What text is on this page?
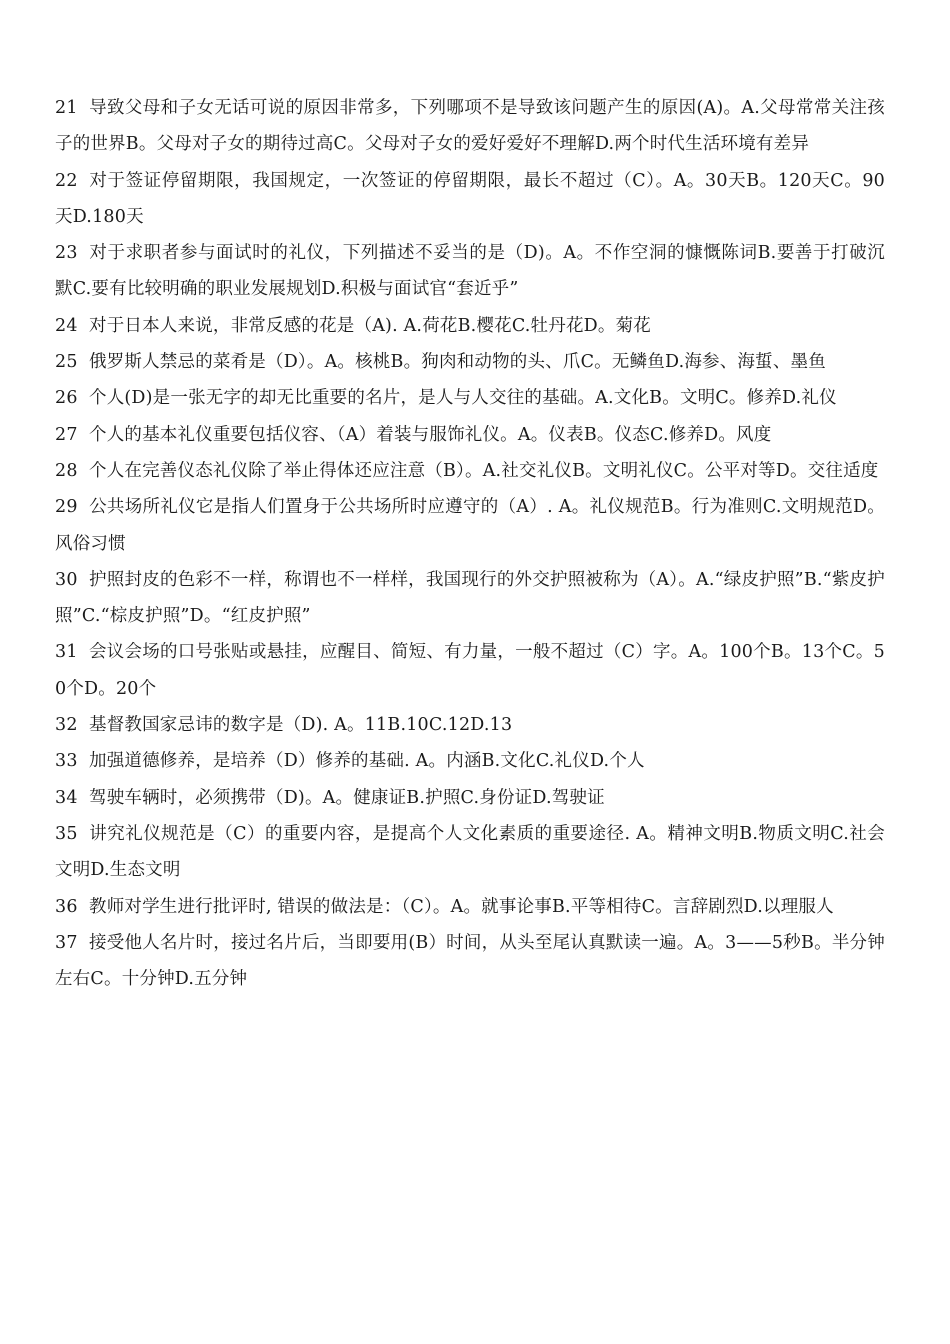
21 导致父母和子女无话可说的原因非常多，下列哪项不是导致该问题产生的原因(A)。A.父母常常关注孩子的世界B。父母对子女的期待过高C。父母对子女的爱好爱好不理解D.两个时代生活环境有差异

22 对于签证停留期限，我国规定，一次签证的停留期限，最长不超过（C）。A。30天B。120天C。90天D.180天

23 对于求职者参与面试时的礼仪，下列描述不妥当的是（D)。A。不作空洞的慷慨陈词B.要善于打破沉默C.要有比较明确的职业发展规划D.积极与面试官“套近乎”

24 对于日本人来说，非常反感的花是（A). A.荷花B.樱花C.牡丹花D。菊花

25 俄罗斯人禁忌的菜肴是（D）。A。核桃B。狗肉和动物的头、爪C。无鳞鱼D.海参、海蜇、墨鱼

26 个人(D)是一张无字的却无比重要的名片，是人与人交往的基础。A.文化B。文明C。修养D.礼仪

27 个人的基本礼仪重要包括仪容、（A）着装与服饰礼仪。A。仪表B。仪态C.修养D。风度

28 个人在完善仪态礼仪除了举止得体还应注意（B）。A.社交礼仪B。文明礼仪C。公平对等D。交往适度

29 公共场所礼仪它是指人们置身于公共场所时应遵守的（A）. A。礼仪规范B。行为准则C.文明规范D。风俗习惯

30 护照封皮的色彩不一样，称谓也不一样样，我国现行的外交护照被称为（A）。A.“绿皮护照”B.“紫皮护照”C.“棕皮护照”D。“红皮护照”

31 会议会场的口号张贴或悬挂，应醒目、简短、有力量，一般不超过（C）字。A。100个B。13个C。50个D。20个

32 基督教国家忌讳的数字是（D). A。11B.10C.12D.13

33 加强道德修养，是培养（D）修养的基础. A。内涵B.文化C.礼仪D.个人

34 驾驶车辆时，必须携带（D)。A。健康证B.护照C.身份证D.驾驶证

35 讲究礼仪规范是（C）的重要内容，是提高个人文化素质的重要途径. A。精神文明B.物质文明C.社会文明D.生态文明

36 教师对学生进行批评时, 错误的做法是：（C）。A。就事论事B.平等相待C。言辞剧烈D.以理服人

37 接受他人名片时，接过名片后，当即要用(B）时间，从头至尾认真默读一遍。A。3——5秒B。半分钟左右C。十分钟D.五分钟
